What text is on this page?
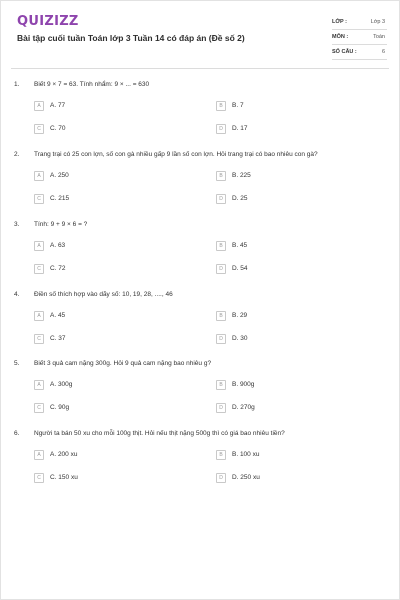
QUIZIZZ
Bài tập cuối tuần Toán lớp 3 Tuần 14 có đáp án (Đề số 2)
LỚP :	Lớp 3
MÔN :	Toán
SỐ CÂU :	6
1. Biết 9 × 7 = 63. Tính nhẩm: 9 × ... = 630
A	A. 77	B	B. 7
C	C. 70	D	D. 17
2. Trang trại có 25 con lợn, số con gà nhiều gấp 9 lần số con lợn. Hỏi trang trại có bao nhiêu con gà?
A	A. 250	B	B. 225
C	C. 215	D	D. 25
3. Tính: 9 + 9 × 6 = ?
A	A. 63	B	B. 45
C	C. 72	D	D. 54
4. Điền số thích hợp vào dãy số: 10, 19, 28, ...., 46
A	A. 45	B	B. 29
C	C. 37	D	D. 30
5. Biết 3 quả cam nặng 300g. Hỏi 9 quả cam nặng bao nhiêu g?
A	A. 300g	B	B. 900g
C	C. 90g	D	D. 270g
6. Người ta bán 50 xu cho mỗi 100g thịt. Hỏi nếu thịt nặng 500g thì có giá bao nhiêu tiền?
A	A. 200 xu	B	B. 100 xu
C	C. 150 xu	D	D. 250 xu
